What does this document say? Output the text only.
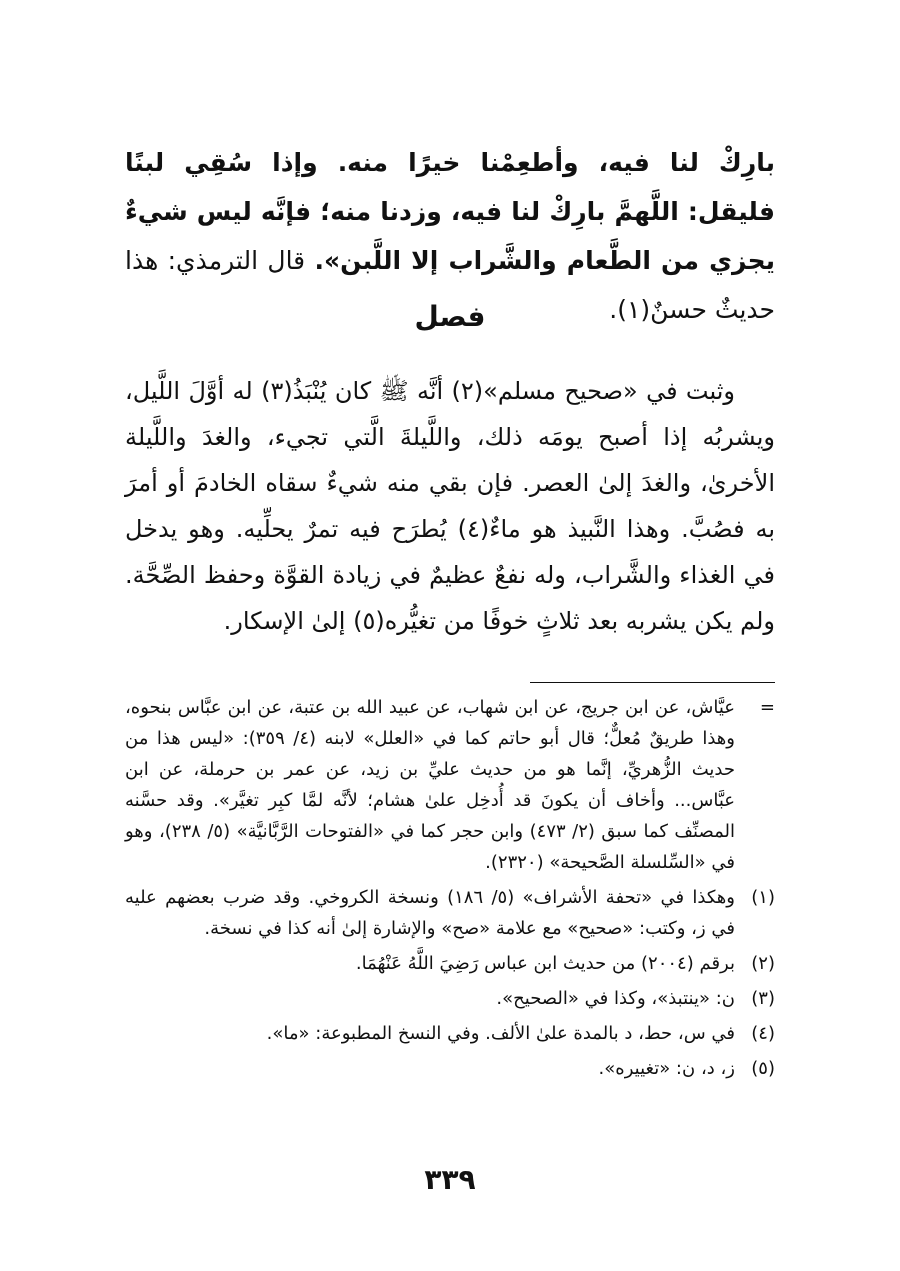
بارِكْ لنا فيه، وأطعِمْنا خيرًا منه. وإذا سُقِي لبنًا فليقل: اللَّهمَّ بارِكْ لنا فيه، وزدنا منه؛ فإنَّه ليس شيءٌ يجزي من الطَّعام والشَّراب إلا اللَّبن». قال الترمذي: هذا حديثٌ حسنٌ(١).

فصل

وثبت في «صحيح مسلم»(٢) أنَّه ﷺ كان يُنْبَذُ(٣) له أوَّلَ اللَّيل، ويشربُه إذا أصبح يومَه ذلك، واللَّيلةَ الَّتي تجيء، والغدَ واللَّيلة الأخرىٰ، والغدَ إلىٰ العصر. فإن بقي منه شيءٌ سقاه الخادمَ أو أمرَ به فصُبَّ. وهذا النَّبيذ هو ماءٌ(٤) يُطرَح فيه تمرٌ يحلِّيه. وهو يدخل في الغذاء والشَّراب، وله نفعٌ عظيمٌ في زيادة القوَّة وحفظ الصِّحَّة. ولم يكن يشربه بعد ثلاثٍ خوفًا من تغيُّره(٥) إلىٰ الإسكار.

=
عيَّاش، عن ابن جريج، عن ابن شهاب، عن عبيد الله بن عتبة، عن ابن عبَّاس بنحوه، وهذا طريقٌ مُعلٌّ؛ قال أبو حاتم كما في «العلل» لابنه (٤/ ٣٥٩): «ليس هذا من حديث الزُّهريِّ، إنَّما هو من حديث عليِّ بن زيد، عن عمر بن حرملة، عن ابن عبَّاس... وأخاف أن يكونَ قد أُدخِل علىٰ هشام؛ لأنَّه لمَّا كبِر تغيَّر». وقد حسَّنه المصنِّف كما سبق (٢/ ٤٧٣) وابن حجر كما في «الفتوحات الرَّبَّانيَّة» (٥/ ٢٣٨)، وهو في «السِّلسلة الصَّحيحة» (٢٣٢٠).
(١)
وهكذا في «تحفة الأشراف» (٥/ ١٨٦) ونسخة الكروخي. وقد ضرب بعضهم عليه في ز، وكتب: «صحيح» مع علامة «صح» والإشارة إلىٰ أنه كذا في نسخة.
(٢)
برقم (٢٠٠٤) من حديث ابن عباس رَضِيَ اللَّهُ عَنْهُمَا.
(٣)
ن: «ينتبذ»، وكذا في «الصحيح».
(٤)
في س، حط، د بالمدة علىٰ الألف. وفي النسخ المطبوعة: «ما».
(٥)
ز، د، ن: «تغييره».
٣٣٩
